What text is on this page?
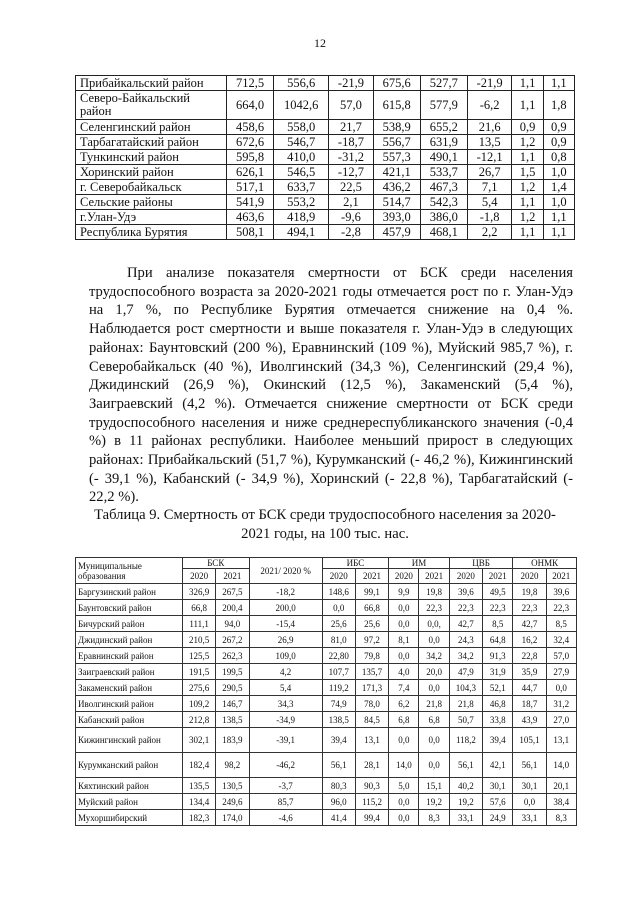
12
Прибайкальский район	712,5	556,6	-21,9	675,6	527,7	-21,9	1,1	1,1
Северо-Байкальский район	664,0	1042,6	57,0	615,8	577,9	-6,2	1,1	1,8
Селенгинский район	458,6	558,0	21,7	538,9	655,2	21,6	0,9	0,9
Тарбагатайский район	672,6	546,7	-18,7	556,7	631,9	13,5	1,2	0,9
Тункинский район	595,8	410,0	-31,2	557,3	490,1	-12,1	1,1	0,8
Хоринский район	626,1	546,5	-12,7	421,1	533,7	26,7	1,5	1,0
г. Северобайкальск	517,1	633,7	22,5	436,2	467,3	7,1	1,2	1,4
Сельские районы	541,9	553,2	2,1	514,7	542,3	5,4	1,1	1,0
г.Улан-Удэ	463,6	418,9	-9,6	393,0	386,0	-1,8	1,2	1,1
Республика Бурятия	508,1	494,1	-2,8	457,9	468,1	2,2	1,1	1,1

При анализе показателя смертности от БСК среди населения трудоспособного возраста за 2020-2021 годы отмечается рост по г. Улан-Удэ на 1,7 %, по Республике Бурятия отмечается снижение на 0,4 %. Наблюдается рост смертности и выше показателя г. Улан-Удэ в следующих районах: Баунтовский (200 %), Еравнинский (109 %), Муйский 985,7 %), г. Северобайкальск (40 %), Иволгинский (34,3 %), Селенгинский (29,4 %), Джидинский (26,9 %), Окинский (12,5 %), Закаменский (5,4 %), Заиграевский (4,2 %). Отмечается снижение смертности от БСК среди трудоспособного населения и ниже среднереспубликанского значения (-0,4 %) в 11 районах республики. Наиболее меньший прирост в следующих районах: Прибайкальский (51,7 %), Курумканский (- 46,2 %), Кижингинский (- 39,1 %), Кабанский (- 34,9 %), Хоринский (- 22,8 %), Тарбагатайский (- 22,2 %).

Таблица 9. Смертность от БСК среди трудоспособного населения за 2020-2021 годы, на 100 тыс. нас.
Муниципальные образования	БСК		2021/ 2020 %	ИБС		ИМ		ЦВБ		ОНМК	
	2020	2021		2020	2021	2020	2021	2020	2021	2020	2021
Баргузинский район	326,9	267,5	-18,2	148,6	99,1	9,9	19,8	39,6	49,5	19,8	39,6
Баунтовский район	66,8	200,4	200,0	0,0	66,8	0,0	22,3	22,3	22,3	22,3	22,3
Бичурский район	111,1	94,0	-15,4	25,6	25,6	0,0	0,0,	42,7	8,5	42,7	8,5
Джидинский район	210,5	267,2	26,9	81,0	97,2	8,1	0,0	24,3	64,8	16,2	32,4
Еравнинский район	125,5	262,3	109,0	22,80	79,8	0,0	34,2	34,2	91,3	22,8	57,0
Заиграевский район	191,5	199,5	4,2	107,7	135,7	4,0	20,0	47,9	31,9	35,9	27,9
Закаменский район	275,6	290,5	5,4	119,2	171,3	7,4	0,0	104,3	52,1	44,7	0,0
Иволгинский район	109,2	146,7	34,3	74,9	78,0	6,2	21,8	21,8	46,8	18,7	31,2
Кабанский район	212,8	138,5	-34,9	138,5	84,5	6,8	6,8	50,7	33,8	43,9	27,0
Кижингинский район	302,1	183,9	-39,1	39,4	13,1	0,0	0,0	118,2	39,4	105,1	13,1
Курумканский район	182,4	98,2	-46,2	56,1	28,1	14,0	0,0	56,1	42,1	56,1	14,0
Кяхтинский район	135,5	130,5	-3,7	80,3	90,3	5,0	15,1	40,2	30,1	30,1	20,1
Муйский район	134,4	249,6	85,7	96,0	115,2	0,0	19,2	19,2	57,6	0,0	38,4
Мухоршибирский	182,3	174,0	-4,6	41,4	99,4	0,0	8,3	33,1	24,9	33,1	8,3
